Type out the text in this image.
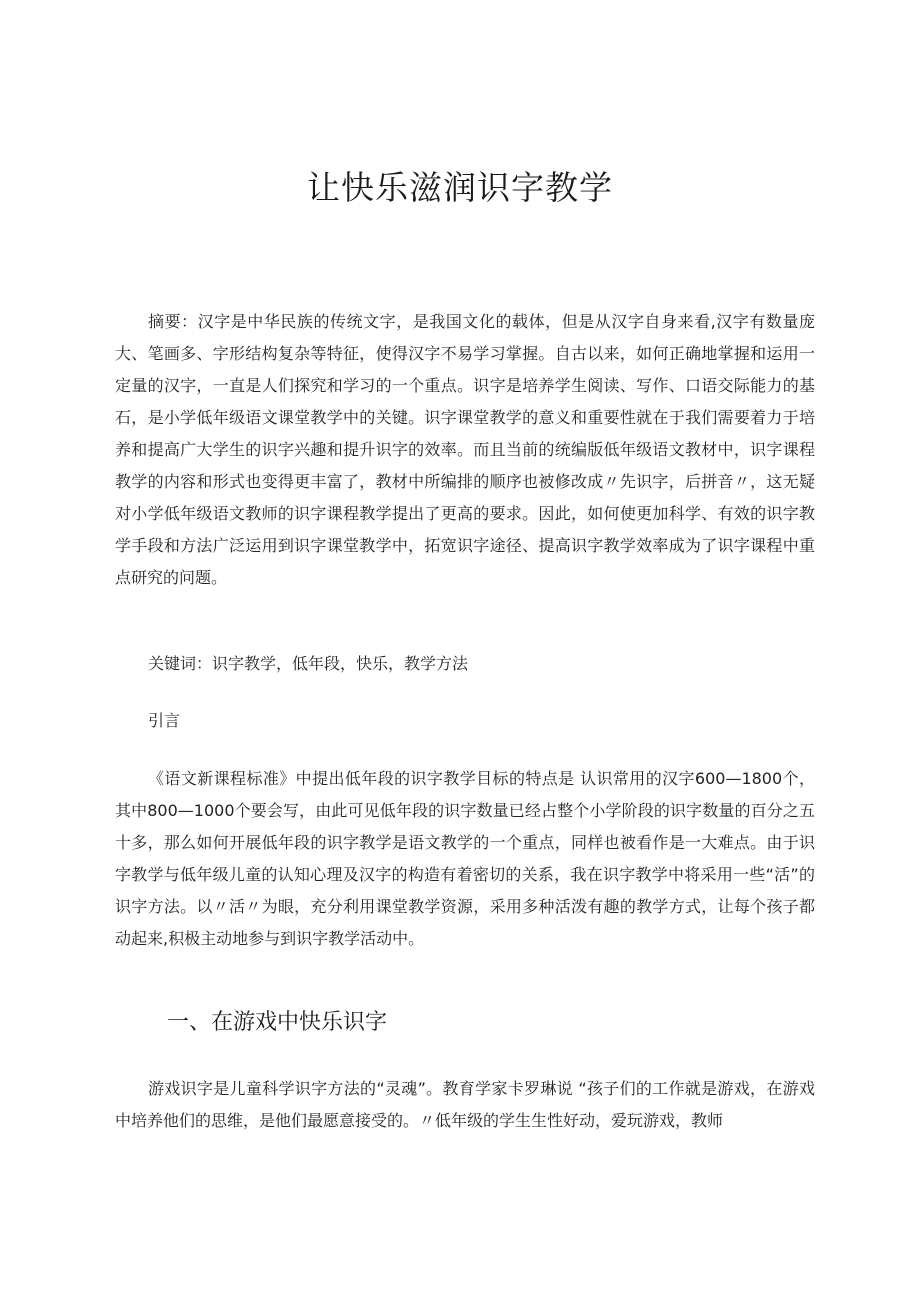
让快乐滋润识字教学

摘要：汉字是中华民族的传统文字，是我国文化的载体，但是从汉字自身来看,汉字有数量庞大、笔画多、字形结构复杂等特征，使得汉字不易学习掌握。自古以来，如何正确地掌握和运用一定量的汉字，一直是人们探究和学习的一个重点。识字是培养学生阅读、写作、口语交际能力的基石，是小学低年级语文课堂教学中的关键。识字课堂教学的意义和重要性就在于我们需要着力于培养和提高广大学生的识字兴趣和提升识字的效率。而且当前的统编版低年级语文教材中，识字课程教学的内容和形式也变得更丰富了，教材中所编排的顺序也被修改成〃先识字，后拼音〃，这无疑对小学低年级语文教师的识字课程教学提出了更高的要求。因此，如何使更加科学、有效的识字教学手段和方法广泛运用到识字课堂教学中，拓宽识字途径、提高识字教学效率成为了识字课程中重点研究的问题。

关键词：识字教学，低年段，快乐，教学方法

引言

《语文新课程标准》中提出低年段的识字教学目标的特点是 认识常用的汉字600—1800个，其中800—1000个要会写，由此可见低年段的识字数量已经占整个小学阶段的识字数量的百分之五十多，那么如何开展低年段的识字教学是语文教学的一个重点，同样也被看作是一大难点。由于识字教学与低年级儿童的认知心理及汉字的构造有着密切的关系，我在识字教学中将采用一些“活”的识字方法。以〃活〃为眼，充分利用课堂教学资源，采用多种活泼有趣的教学方式，让每个孩子都动起来,积极主动地参与到识字教学活动中。

一、在游戏中快乐识字

游戏识字是儿童科学识字方法的“灵魂”。教育学家卡罗琳说 “孩子们的工作就是游戏，在游戏中培养他们的思维，是他们最愿意接受的。〃低年级的学生生性好动，爱玩游戏，教师
